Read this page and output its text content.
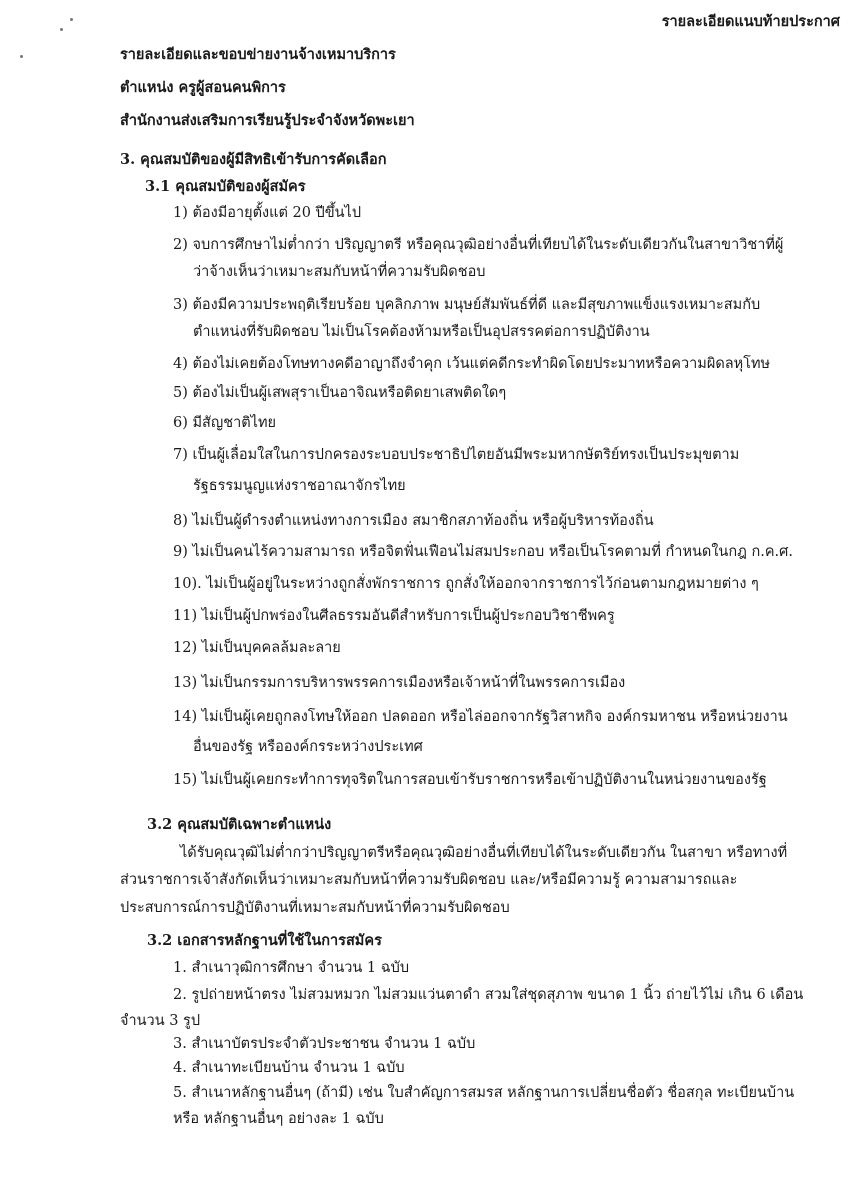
รายละเอียดแนบท้ายประกาศ
รายละเอียดและขอบข่ายงานจ้างเหมาบริการ
ตำแหน่ง ครูผู้สอนคนพิการ
สำนักงานส่งเสริมการเรียนรู้ประจำจังหวัดพะเยา
3. คุณสมบัติของผู้มีสิทธิเข้ารับการคัดเลือก
3.1 คุณสมบัติของผู้สมัคร
1) ต้องมีอายุตั้งแต่ 20 ปีขึ้นไป
2) จบการศึกษาไม่ต่ำกว่า ปริญญาตรี หรือคุณวุฒิอย่างอื่นที่เทียบได้ในระดับเดียวกันในสาขาวิชาที่ผู้
ว่าจ้างเห็นว่าเหมาะสมกับหน้าที่ความรับผิดชอบ
3) ต้องมีความประพฤติเรียบร้อย บุคลิกภาพ มนุษย์สัมพันธ์ที่ดี และมีสุขภาพแข็งแรงเหมาะสมกับ
ตำแหน่งที่รับผิดชอบ ไม่เป็นโรคต้องห้ามหรือเป็นอุปสรรคต่อการปฏิบัติงาน
4) ต้องไม่เคยต้องโทษทางคดีอาญาถึงจำคุก เว้นแต่คดีกระทำผิดโดยประมาทหรือความผิดลหุโทษ
5) ต้องไม่เป็นผู้เสพสุราเป็นอาจิณหรือติดยาเสพติดใดๆ
6) มีสัญชาติไทย
7) เป็นผู้เลื่อมใสในการปกครองระบอบประชาธิปไตยอันมีพระมหากษัตริย์ทรงเป็นประมุขตาม
รัฐธรรมนูญแห่งราชอาณาจักรไทย
8) ไม่เป็นผู้ดำรงตำแหน่งทางการเมือง สมาชิกสภาท้องถิ่น หรือผู้บริหารท้องถิ่น
9) ไม่เป็นคนไร้ความสามารถ หรือจิตฟั่นเฟือนไม่สมประกอบ หรือเป็นโรคตามที่ กำหนดในกฎ ก.ค.ศ.
10). ไม่เป็นผู้อยู่ในระหว่างถูกสั่งพักราชการ ถูกสั่งให้ออกจากราชการไว้ก่อนตามกฎหมายต่าง ๆ
11) ไม่เป็นผู้ปกพร่องในศีลธรรมอันดีสำหรับการเป็นผู้ประกอบวิชาชีพครู
12) ไม่เป็นบุคคลล้มละลาย
13) ไม่เป็นกรรมการบริหารพรรคการเมืองหรือเจ้าหน้าที่ในพรรคการเมือง
14) ไม่เป็นผู้เคยถูกลงโทษให้ออก ปลดออก หรือไล่ออกจากรัฐวิสาหกิจ องค์กรมหาชน หรือหน่วยงาน
อื่นของรัฐ หรือองค์กรระหว่างประเทศ
15) ไม่เป็นผู้เคยกระทำการทุจริตในการสอบเข้ารับราชการหรือเข้าปฏิบัติงานในหน่วยงานของรัฐ
3.2 คุณสมบัติเฉพาะตำแหน่ง
ได้รับคุณวุฒิไม่ต่ำกว่าปริญญาตรีหรือคุณวุฒิอย่างอื่นที่เทียบได้ในระดับเดียวกัน ในสาขา หรือทางที่
ส่วนราชการเจ้าสังกัดเห็นว่าเหมาะสมกับหน้าที่ความรับผิดชอบ และ/หรือมีความรู้ ความสามารถและ
ประสบการณ์การปฏิบัติงานที่เหมาะสมกับหน้าที่ความรับผิดชอบ
3.2 เอกสารหลักฐานที่ใช้ในการสมัคร
1. สำเนาวุฒิการศึกษา จำนวน 1 ฉบับ
2. รูปถ่ายหน้าตรง ไม่สวมหมวก ไม่สวมแว่นตาดำ สวมใส่ชุดสุภาพ ขนาด 1 นิ้ว ถ่ายไว้ไม่ เกิน 6 เดือน
จำนวน 3 รูป
3. สำเนาบัตรประจำตัวประชาชน จำนวน 1 ฉบับ
4. สำเนาทะเบียนบ้าน จำนวน 1 ฉบับ
5. สำเนาหลักฐานอื่นๆ (ถ้ามี) เช่น ใบสำคัญการสมรส หลักฐานการเปลี่ยนชื่อตัว ชื่อสกุล ทะเบียนบ้าน
หรือ หลักฐานอื่นๆ อย่างละ 1 ฉบับ
